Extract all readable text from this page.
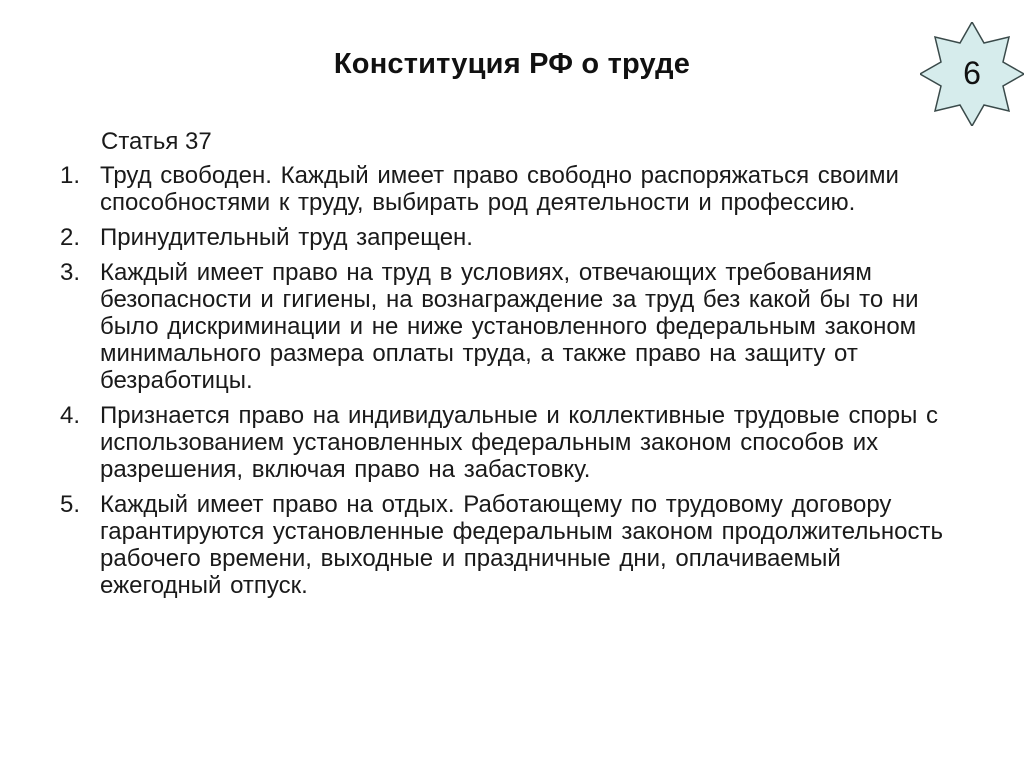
Конституция РФ о труде	6
Статья 37
1. Труд свободен. Каждый имеет право свободно распоряжаться своими способностями к труду, выбирать род деятельности и профессию.
2. Принудительный труд запрещен.
3. Каждый имеет право на труд в условиях, отвечающих требованиям безопасности и гигиены, на вознаграждение за труд без какой бы то ни было дискриминации и не ниже установленного федеральным законом минимального размера оплаты труда, а также право на защиту от безработицы.
4. Признается право на индивидуальные и коллективные трудовые споры с использованием установленных федеральным законом способов их разрешения, включая право на забастовку.
5. Каждый имеет право на отдых. Работающему по трудовому договору гарантируются установленные федеральным законом продолжительность рабочего времени, выходные и праздничные дни, оплачиваемый ежегодный отпуск.
